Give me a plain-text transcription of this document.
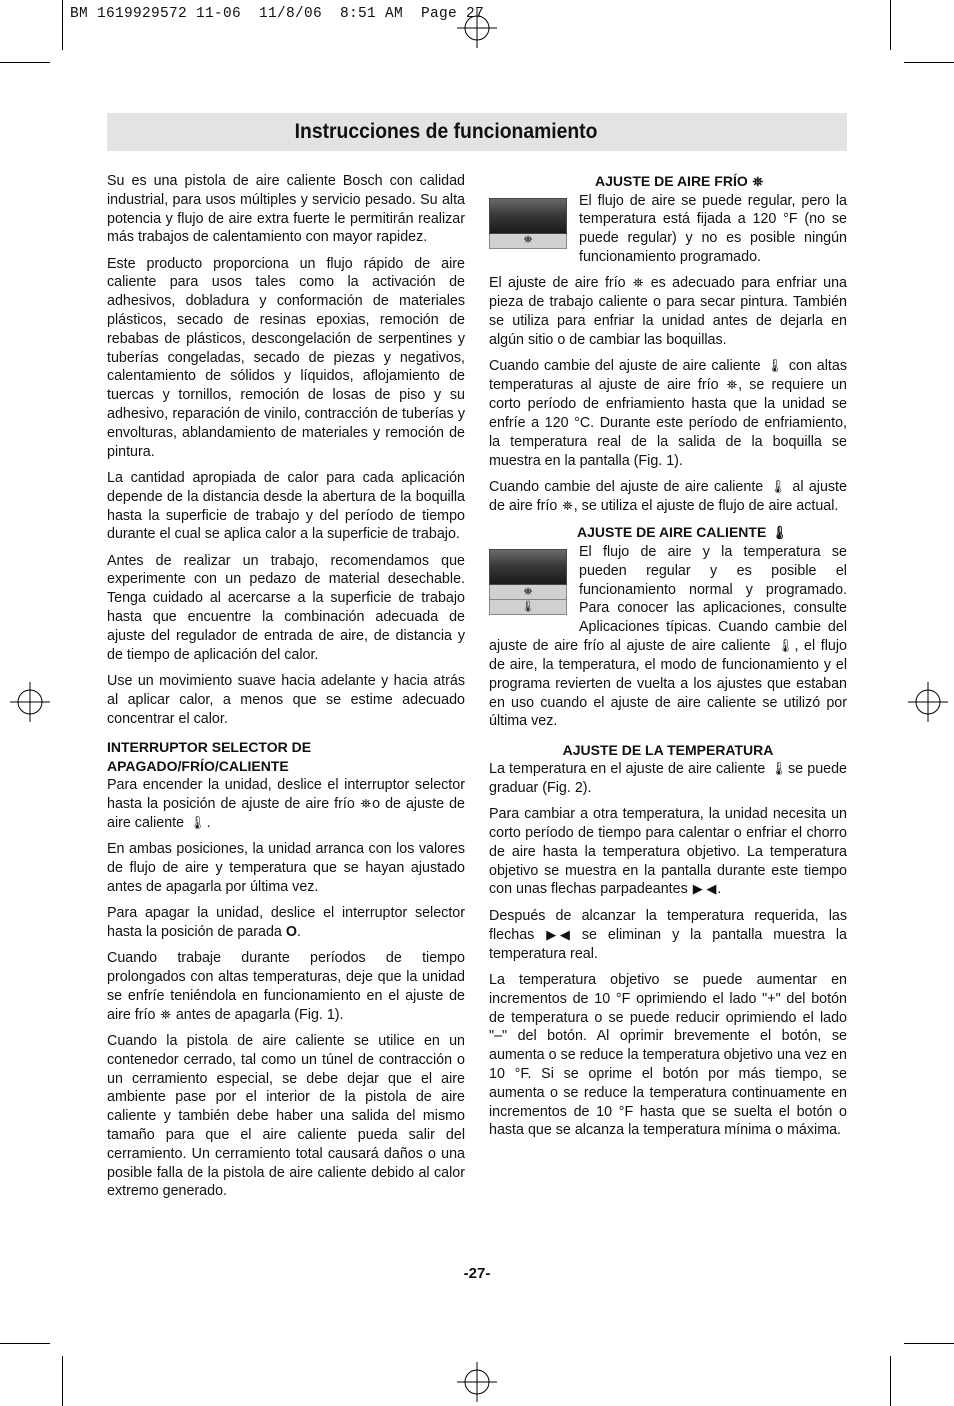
BM 1619929572 11-06  11/8/06  8:51 AM  Page 27
Instrucciones de funcionamiento

Su es una pistola de aire caliente Bosch con calidad industrial, para usos múltiples y servicio pesado. Su alta potencia y flujo de aire extra fuerte le permitirán realizar más trabajos de calentamiento con mayor rapidez.

Este producto proporciona un flujo rápido de aire caliente para usos tales como la activación de adhesivos, dobladura y conformación de materiales plásticos, secado de resinas epoxias, remoción de rebabas de plásticos, descongelación de serpentines y tuberías congeladas, secado de piezas y negativos, calentamiento de sólidos y líquidos, aflojamiento de tuercas y tornillos, remoción de losas de piso y su adhesivo, reparación de vinilo, contracción de tuberías y envolturas, ablandamiento de materiales y remoción de pintura.

La cantidad apropiada de calor para cada aplicación depende de la distancia desde la abertura de la boquilla hasta la superficie de trabajo y del período de tiempo durante el cual se aplica calor a la superficie de trabajo.

Antes de realizar un trabajo, recomendamos que experimente con un pedazo de material desechable. Tenga cuidado al acercarse a la superficie de trabajo hasta que encuentre la combinación adecuada de ajuste del regulador de entrada de aire, de distancia y de tiempo de aplicación del calor.

Use un movimiento suave hacia adelante y hacia atrás al aplicar calor, a menos que se estime adecuado concentrar el calor.

INTERRUPTOR SELECTOR DE APAGADO/FRÍO/CALIENTE

Para encender la unidad, deslice el interruptor selector hasta la posición de ajuste de aire frío ⛯o de ajuste de aire caliente 🌡.

En ambas posiciones, la unidad arranca con los valores de flujo de aire y temperatura que se hayan ajustado antes de apagarla por última vez.

Para apagar la unidad, deslice el interruptor selector hasta la posición de parada O.

Cuando trabaje durante períodos de tiempo prolongados con altas temperaturas, deje que la unidad se enfríe teniéndola en funcionamiento en el ajuste de aire frío ⛯ antes de apagarla (Fig. 1).

Cuando la pistola de aire caliente se utilice en un contenedor cerrado, tal como un túnel de contracción o un cerramiento especial, se debe dejar que el aire ambiente pase por el interior de la pistola de aire caliente y también debe haber una salida del mismo tamaño para que el aire caliente pueda salir del cerramiento. Un cerramiento total causará daños o una posible falla de la pistola de aire caliente debido al calor extremo generado.

AJUSTE DE AIRE FRÍO ⛯
⛯

El flujo de aire se puede regular, pero la temperatura está fijada a 120 °F (no se puede regular) y no es posible ningún funcionamiento programado.

El ajuste de aire frío ⛯ es adecuado para enfriar una pieza de trabajo caliente o para secar pintura. También se utiliza para enfriar la unidad antes de dejarla en algún sitio o de cambiar las boquillas.

Cuando cambie del ajuste de aire caliente 🌡 con altas temperaturas al ajuste de aire frío ⛯, se requiere un corto período de enfriamiento hasta que la unidad se enfríe a 120 °C. Durante este período de enfriamiento, la temperatura real de la salida de la boquilla se muestra en la pantalla (Fig. 1).

Cuando cambie del ajuste de aire caliente 🌡 al ajuste de aire frío ⛯, se utiliza el ajuste de flujo de aire actual.

AJUSTE DE AIRE CALIENTE 🌡
⛯
🌡

El flujo de aire y la temperatura se pueden regular y es posible el funcionamiento normal y programado. Para conocer las aplicaciones, consulte Aplicaciones típicas. Cuando cambie del ajuste de aire frío al ajuste de aire caliente 🌡, el flujo de aire, la temperatura, el modo de funcionamiento y el programa revierten de vuelta a los ajustes que estaban en uso cuando el ajuste de aire caliente se utilizó por última vez.

AJUSTE DE LA TEMPERATURA

La temperatura en el ajuste de aire caliente 🌡se puede graduar (Fig. 2).

Para cambiar a otra temperatura, la unidad necesita un corto período de tiempo para calentar o enfriar el chorro de aire hasta la temperatura objetivo. La temperatura objetivo se muestra en la pantalla durante este tiempo con unas flechas parpadeantes ▶ ◀.

Después de alcanzar la temperatura requerida, las flechas ▶ ◀ se eliminan y la pantalla muestra la temperatura real.

La temperatura objetivo se puede aumentar en incrementos de 10 °F oprimiendo el lado "+" del botón de temperatura o se puede reducir oprimiendo el lado "–" del botón. Al oprimir brevemente el botón, se aumenta o se reduce la temperatura objetivo una vez en 10 °F. Si se oprime el botón por más tiempo, se aumenta o se reduce la temperatura continuamente en incrementos de 10 °F hasta que se suelta el botón o hasta que se alcanza la temperatura mínima o máxima.

-27-
